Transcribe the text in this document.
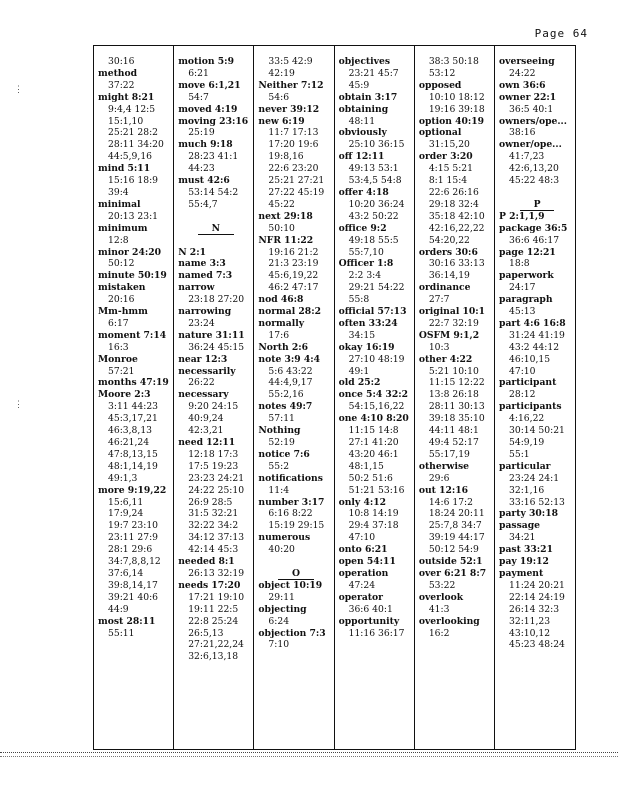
Page 64
⋮
⋮
30:16
method
37:22
might 8:21
9:4,4 12:5
15:1,10
25:21 28:2
28:11 34:20
44:5,9,16
mind 5:11
15:16 18:9
39:4
minimal
20:13 23:1
minimum
12:8
minor 24:20
50:12
minute 50:19
mistaken
20:16
Mm-hmm
6:17
moment 7:14
16:3
Monroe
57:21
months 47:19
Moore 2:3
3:11 44:23
45:3,17,21
46:3,8,13
46:21,24
47:8,13,15
48:1,14,19
49:1,3
more 9:19,22
15:6,11
17:9,24
19:7 23:10
23:11 27:9
28:1 29:6
34:7,8,8,12
37:6,14
39:8,14,17
39:21 40:6
44:9
most 28:11
55:11
motion 5:9
6:21
move 6:1,21
54:7
moved 4:19
moving 23:16
25:19
much 9:18
28:23 41:1
44:23
must 42:6
53:14 54:2
55:4,7

N

N 2:1
name 3:3
named 7:3
narrow
23:18 27:20
narrowing
23:24
nature 31:11
36:24 45:15
near 12:3
necessarily
26:22
necessary
9:20 24:15
40:9,24
42:3,21
need 12:11
12:18 17:3
17:5 19:23
23:23 24:21
24:22 25:10
26:9 28:5
31:5 32:21
32:22 34:2
34:12 37:13
42:14 45:3
needed 8:1
26:13 32:19
needs 17:20
17:21 19:10
19:11 22:5
22:8 25:24
26:5,13
27:21,22,24
32:6,13,18
33:5 42:9
42:19
Neither 7:12
54:6
never 39:12
new 6:19
11:7 17:13
17:20 19:6
19:8,16
22:6 23:20
25:21 27:21
27:22 45:19
45:22
next 29:18
50:10
NFR 11:22
19:16 21:2
21:3 23:19
45:6,19,22
46:2 47:17
nod 46:8
normal 28:2
normally
17:6
North 2:6
note 3:9 4:4
5:6 43:22
44:4,9,17
55:2,16
notes 49:7
57:11
Nothing
52:19
notice 7:6
55:2
notifications
11:4
number 3:17
6:16 8:22
15:19 29:15
numerous
40:20

O
object 10:19
29:11
objecting
6:24
objection 7:3
7:10
objectives
23:21 45:7
45:9
obtain 3:17
obtaining
48:11
obviously
25:10 36:15
off 12:11
49:13 53:1
53:4,5 54:8
offer 4:18
10:20 36:24
43:2 50:22
office 9:2
49:18 55:5
55:7,10
Officer 1:8
2:2 3:4
29:21 54:22
55:8
official 57:13
often 33:24
34:15
okay 16:19
27:10 48:19
49:1
old 25:2
once 5:4 32:2
54:15,16,22
one 4:10 8:20
11:15 14:8
27:1 41:20
43:20 46:1
48:1,15
50:2 51:6
51:21 53:16
only 4:12
10:8 14:19
29:4 37:18
47:10
onto 6:21
open 54:11
operation
47:24
operator
36:6 40:1
opportunity
11:16 36:17
38:3 50:18
53:12
opposed
10:10 18:12
19:16 39:18
option 40:19
optional
31:15,20
order 3:20
4:15 5:21
8:1 15:4
22:6 26:16
29:18 32:4
35:18 42:10
42:16,22,22
54:20,22
orders 30:6
30:16 33:13
36:14,19
ordinance
27:7
original 10:1
22:7 32:19
OSFM 9:1,2
10:3
other 4:22
5:21 10:10
11:15 12:22
13:8 26:18
28:11 30:13
39:18 35:10
44:11 48:1
49:4 52:17
55:17,19
otherwise
29:6
out 12:16
14:6 17:2
18:24 20:11
25:7,8 34:7
39:19 44:17
50:12 54:9
outside 52:1
over 6:21 8:7
53:22
overlook
41:3
overlooking
16:2
overseeing
24:22
own 36:6
owner 22:1
36:5 40:1
owners/ope...
38:16
owner/ope...
41:7,23
42:6,13,20
45:22 48:3

P
P 2:1,1,9
package 36:5
36:6 46:17
page 12:21
18:8
paperwork
24:17
paragraph
45:13
part 4:6 16:8
31:24 41:19
43:2 44:12
46:10,15
47:10
participant
28:12
participants
4:16,22
30:14 50:21
54:9,19
55:1
particular
23:24 24:1
32:1,16
33:16 52:13
party 30:18
passage
34:21
past 33:21
pay 19:12
payment
11:24 20:21
22:14 24:19
26:14 32:3
32:11,23
43:10,12
45:23 48:24
